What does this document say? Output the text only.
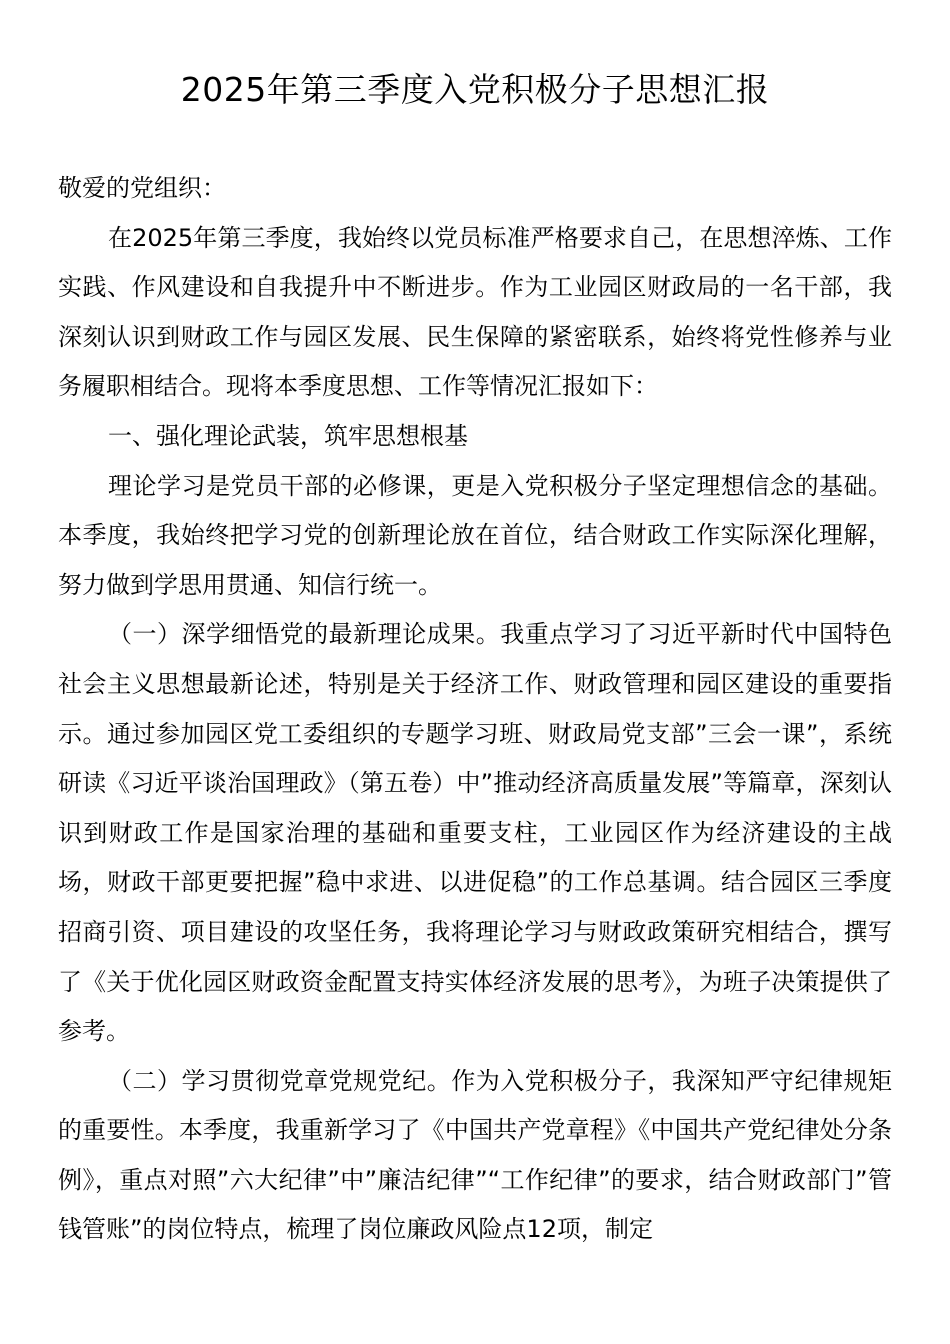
2025年第三季度入党积极分子思想汇报

敬爱的党组织：

在2025年第三季度，我始终以党员标准严格要求自己，在思想淬炼、工作实践、作风建设和自我提升中不断进步。作为工业园区财政局的一名干部，我深刻认识到财政工作与园区发展、民生保障的紧密联系，始终将党性修养与业务履职相结合。现将本季度思想、工作等情况汇报如下：

一、强化理论武装，筑牢思想根基

理论学习是党员干部的必修课，更是入党积极分子坚定理想信念的基础。本季度，我始终把学习党的创新理论放在首位，结合财政工作实际深化理解，努力做到学思用贯通、知信行统一。

（一）深学细悟党的最新理论成果。我重点学习了习近平新时代中国特色社会主义思想最新论述，特别是关于经济工作、财政管理和园区建设的重要指示。通过参加园区党工委组织的专题学习班、财政局党支部”三会一课”，系统研读《习近平谈治国理政》（第五卷）中”推动经济高质量发展”等篇章，深刻认识到财政工作是国家治理的基础和重要支柱，工业园区作为经济建设的主战场，财政干部更要把握”稳中求进、以进促稳”的工作总基调。结合园区三季度招商引资、项目建设的攻坚任务，我将理论学习与财政政策研究相结合，撰写了《关于优化园区财政资金配置支持实体经济发展的思考》，为班子决策提供了参考。

（二）学习贯彻党章党规党纪。作为入党积极分子，我深知严守纪律规矩的重要性。本季度，我重新学习了《中国共产党章程》《中国共产党纪律处分条例》，重点对照”六大纪律”中”廉洁纪律”“工作纪律”的要求，结合财政部门”管钱管账”的岗位特点，梳理了岗位廉政风险点12项，制定
